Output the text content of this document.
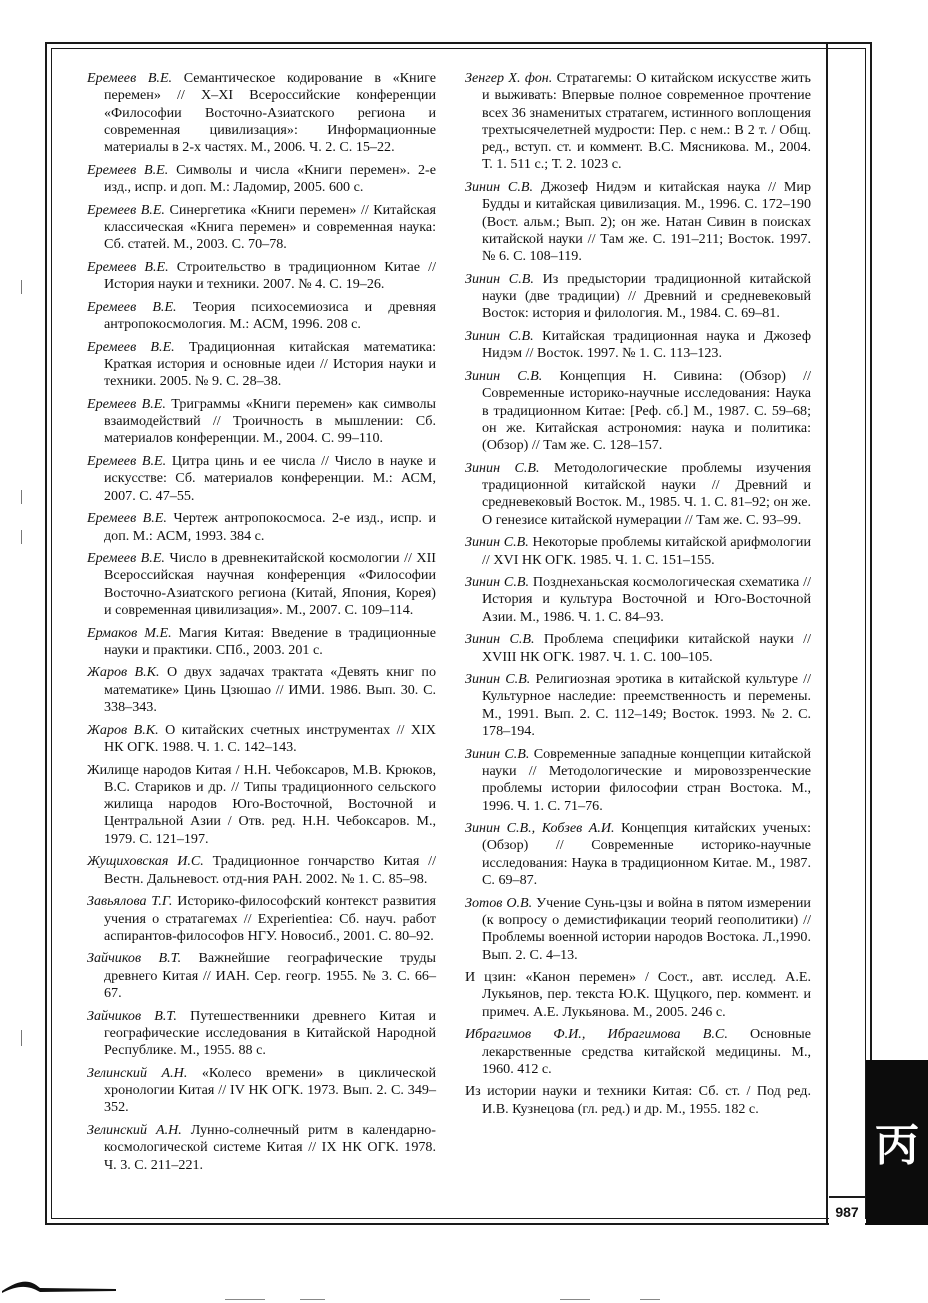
Еремеев В.Е. Семантическое кодирование в «Книге перемен» // X–XI Всероссийские конференции «Философии Восточно-Азиатского региона и современная цивилизация»: Информационные материалы в 2-х частях. М., 2006. Ч. 2. С. 15–22.

Еремеев В.Е. Символы и числа «Книги перемен». 2-е изд., испр. и доп. М.: Ладомир, 2005. 600 с.

Еремеев В.Е. Синергетика «Книги перемен» // Китайская классическая «Книга перемен» и современная наука: Сб. статей. М., 2003. С. 70–78.

Еремеев В.Е. Строительство в традиционном Китае // История науки и техники. 2007. № 4. С. 19–26.

Еремеев В.Е. Теория психосемиозиса и древняя антропокосмология. М.: АСМ, 1996. 208 с.

Еремеев В.Е. Традиционная китайская математика: Краткая история и основные идеи // История науки и техники. 2005. № 9. С. 28–38.

Еремеев В.Е. Триграммы «Книги перемен» как символы взаимодействий // Троичность в мышлении: Сб. материалов конференции. М., 2004. С. 99–110.

Еремеев В.Е. Цитра цинь и ее числа // Число в науке и искусстве: Сб. материалов конференции. М.: АСМ, 2007. С. 47–55.

Еремеев В.Е. Чертеж антропокосмоса. 2-е изд., испр. и доп. М.: АСМ, 1993. 384 с.

Еремеев В.Е. Число в древнекитайской космологии // XII Всероссийская научная конференция «Философии Восточно-Азиатского региона (Китай, Япония, Корея) и современная цивилизация». М., 2007. С. 109–114.

Ермаков М.Е. Магия Китая: Введение в традиционные науки и практики. СПб., 2003. 201 с.

Жаров В.К. О двух задачах трактата «Девять книг по математике» Цинь Цзюшао // ИМИ. 1986. Вып. 30. С. 338–343.

Жаров В.К. О китайских счетных инструментах // XIX НК ОГК. 1988. Ч. 1. С. 142–143.

Жилище народов Китая / Н.Н. Чебоксаров, М.В. Крюков, В.С. Стариков и др. // Типы традиционного сельского жилища народов Юго-Восточной, Восточной и Центральной Азии / Отв. ред. Н.Н. Чебоксаров. М., 1979. С. 121–197.

Жущиховская И.С. Традиционное гончарство Китая // Вестн. Дальневост. отд-ния РАН. 2002. № 1. С. 85–98.

Завьялова Т.Г. Историко-философский контекст развития учения о стратагемах // Experientiea: Сб. науч. работ аспирантов-философов НГУ. Новосиб., 2001. С. 80–92.

Зайчиков В.Т. Важнейшие географические труды древнего Китая // ИАН. Сер. геогр. 1955. № 3. С. 66–67.

Зайчиков В.Т. Путешественники древнего Китая и географические исследования в Китайской Народной Республике. М., 1955. 88 с.

Зелинский А.Н. «Колесо времени» в циклической хронологии Китая // IV НК ОГК. 1973. Вып. 2. С. 349–352.

Зелинский А.Н. Лунно-солнечный ритм в календарно-космологической системе Китая // IX НК ОГК. 1978. Ч. 3. С. 211–221.

Зенгер Х. фон. Стратагемы: О китайском искусстве жить и выживать: Впервые полное современное прочтение всех 36 знаменитых стратагем, истинного воплощения трехтысячелетней мудрости: Пер. с нем.: В 2 т. / Общ. ред., вступ. ст. и коммент. В.С. Мясникова. М., 2004. Т. 1. 511 с.; Т. 2. 1023 с.

Зинин С.В. Джозеф Нидэм и китайская наука // Мир Будды и китайская цивилизация. М., 1996. С. 172–190 (Вост. альм.; Вып. 2); он же. Натан Сивин в поисках китайской науки // Там же. С. 191–211; Восток. 1997. № 6. С. 108–119.

Зинин С.В. Из предыстории традиционной китайской науки (две традиции) // Древний и средневековый Восток: история и филология. М., 1984. С. 69–81.

Зинин С.В. Китайская традиционная наука и Джозеф Нидэм // Восток. 1997. № 1. С. 113–123.

Зинин С.В. Концепция Н. Сивина: (Обзор) // Современные историко-научные исследования: Наука в традиционном Китае: [Реф. сб.] М., 1987. С. 59–68; он же. Китайская астрономия: наука и политика: (Обзор) // Там же. С. 128–157.

Зинин С.В. Методологические проблемы изучения традиционной китайской науки // Древний и средневековый Восток. М., 1985. Ч. 1. С. 81–92; он же. О генезисе китайской нумерации // Там же. С. 93–99.

Зинин С.В. Некоторые проблемы китайской арифмологии // XVI НК ОГК. 1985. Ч. 1. С. 151–155.

Зинин С.В. Позднеханьская космологическая схематика // История и культура Восточной и Юго-Восточной Азии. М., 1986. Ч. 1. С. 84–93.

Зинин С.В. Проблема специфики китайской науки // XVIII НК ОГК. 1987. Ч. 1. С. 100–105.

Зинин С.В. Религиозная эротика в китайской культуре // Культурное наследие: преемственность и перемены. М., 1991. Вып. 2. С. 112–149; Восток. 1993. № 2. С. 178–194.

Зинин С.В. Современные западные концепции китайской науки // Методологические и мировоззренческие проблемы истории философии стран Востока. М., 1996. Ч. 1. С. 71–76.

Зинин С.В., Кобзев А.И. Концепция китайских ученых: (Обзор) // Современные историко-научные исследования: Наука в традиционном Китае. М., 1987. С. 69–87.

Зотов О.В. Учение Сунь-цзы и война в пятом измерении (к вопросу о демистификации теорий геополитики) // Проблемы военной истории народов Востока. Л.,1990. Вып. 2. С. 4–13.

И цзин: «Канон перемен» / Сост., авт. исслед. А.Е. Лукьянов, пер. текста Ю.К. Щуцкого, пер. коммент. и примеч. А.Е. Лукьянова. М., 2005. 246 с.

Ибрагимов Ф.И., Ибрагимова В.С. Основные лекарственные средства китайской медицины. М., 1960. 412 с.

Из истории науки и техники Китая: Сб. ст. / Под ред. И.В. Кузнецова (гл. ред.) и др. М., 1955. 182 с.

丙
987
